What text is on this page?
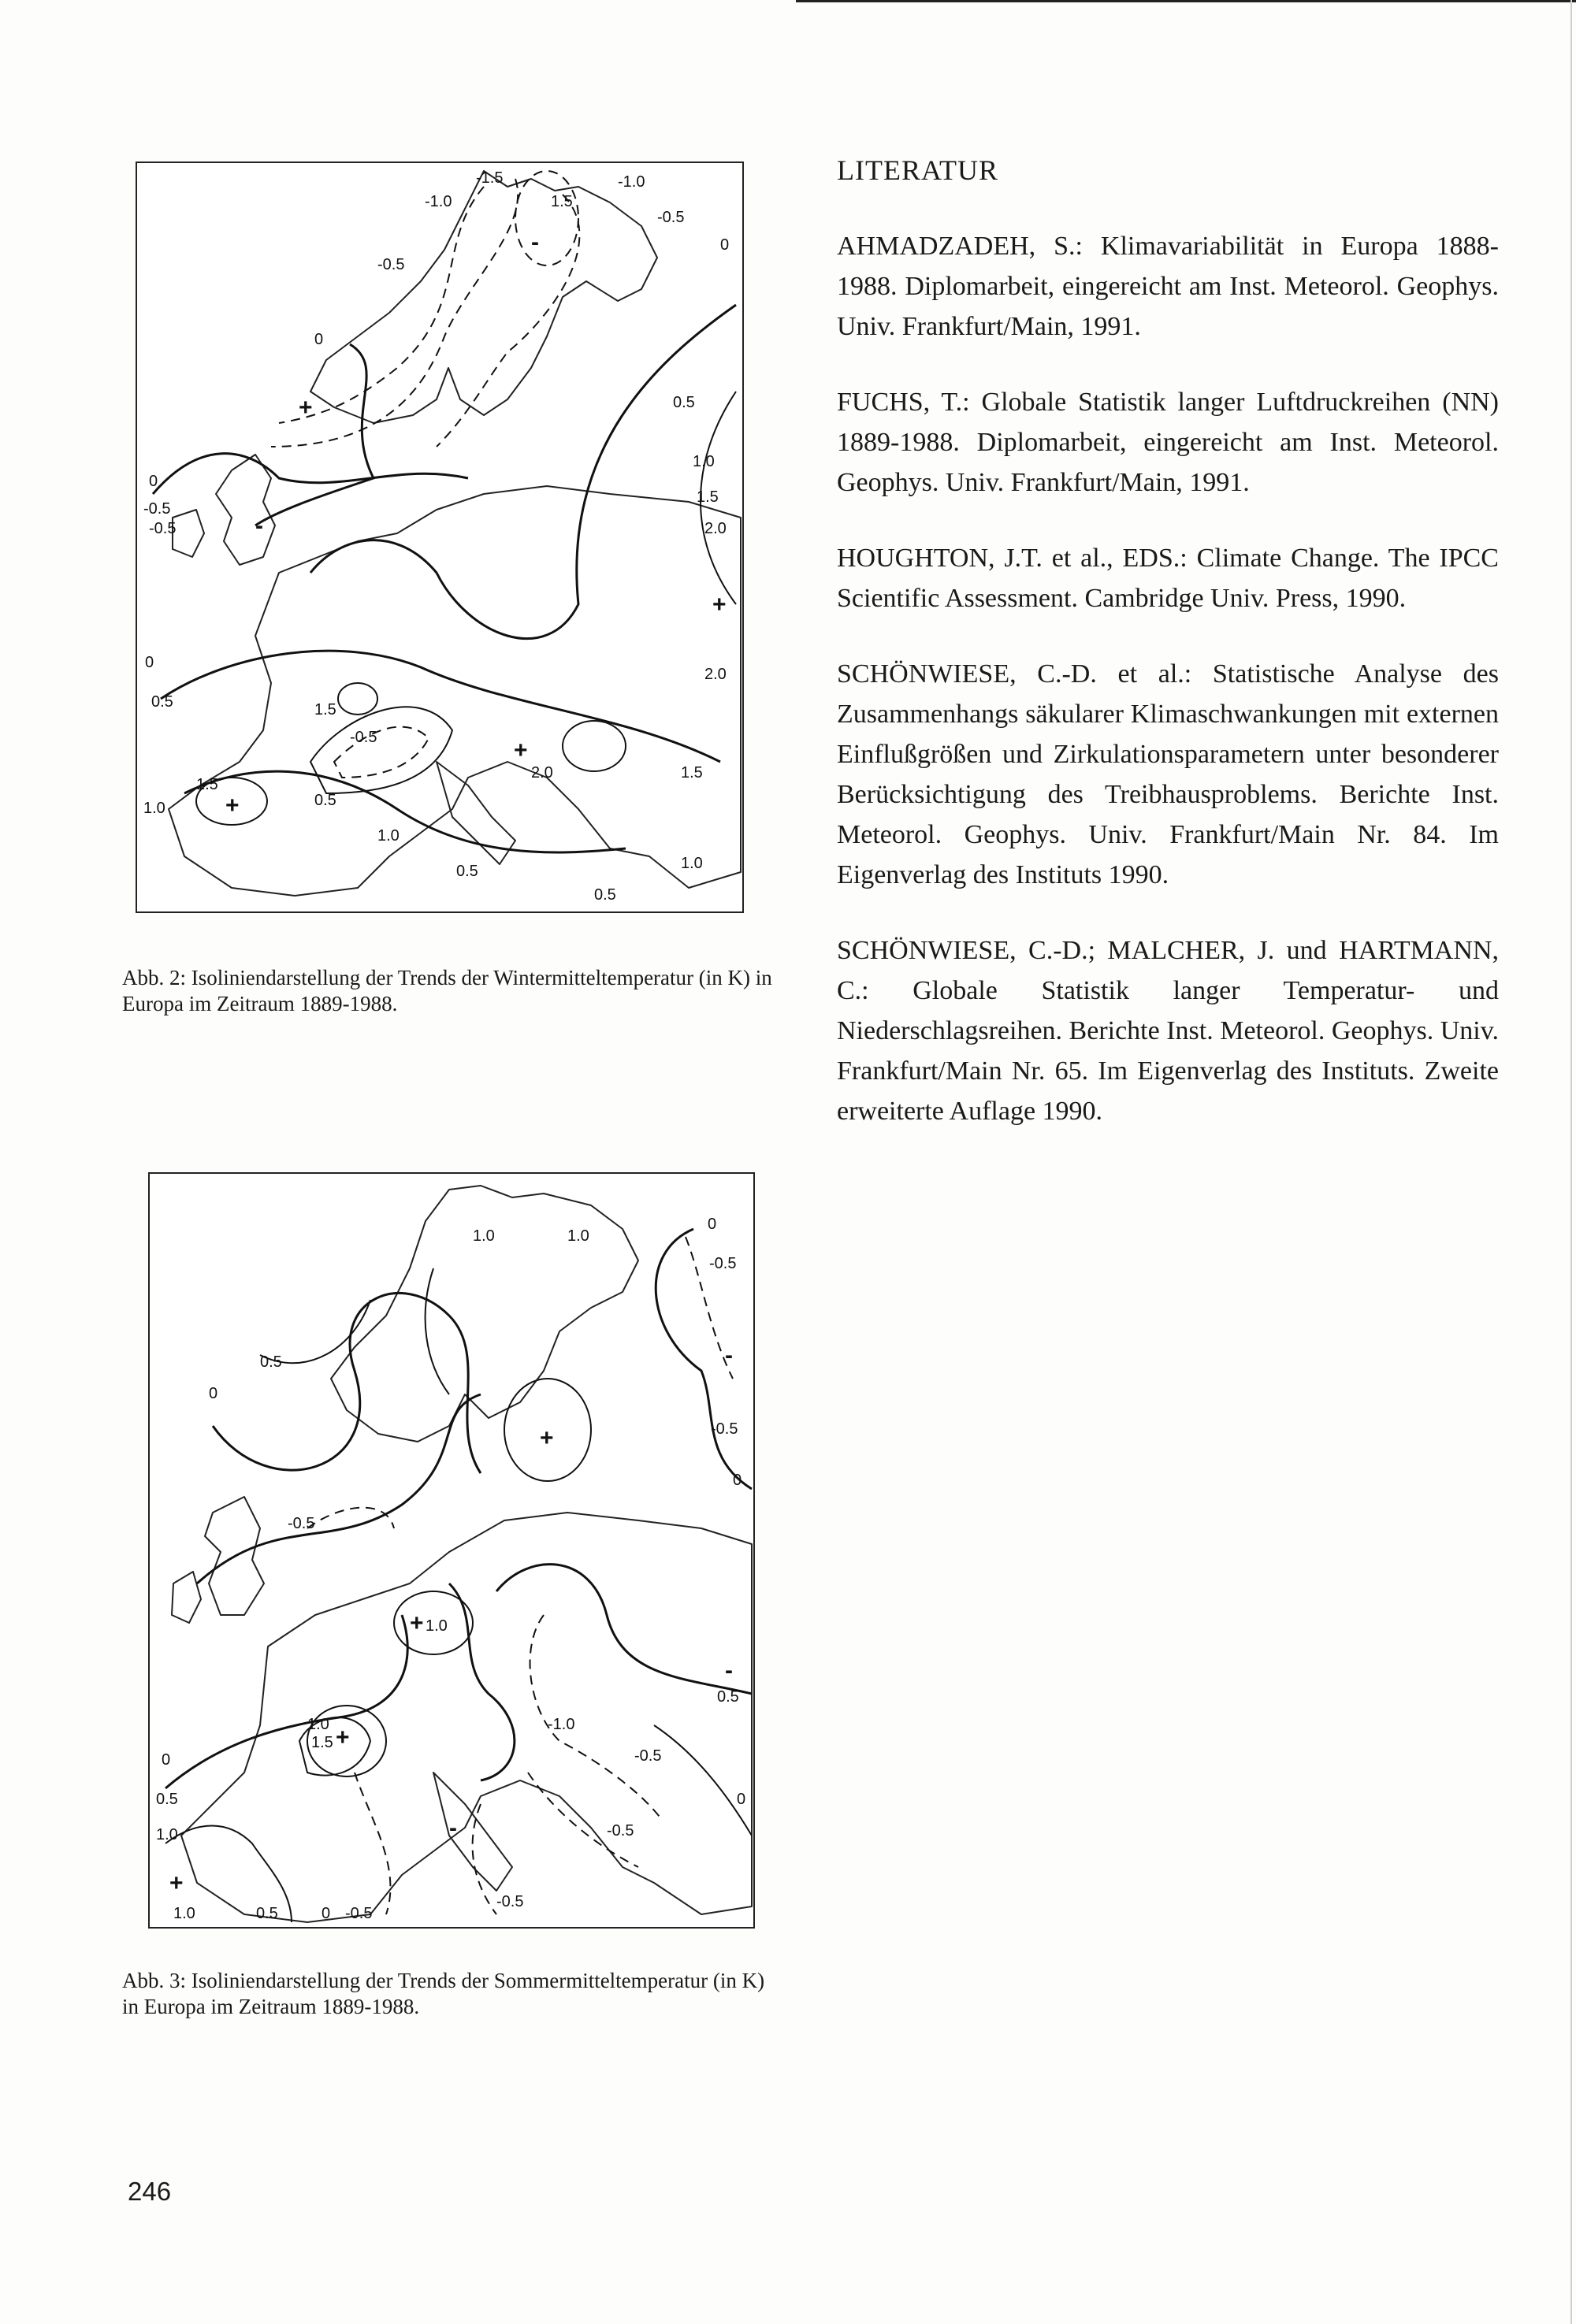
-1.5
-1.0	1.5
-1.0
-0.5
-0.5
0
0
0.5
1.0
1.5
2.0
2.0
0
-0.5
-0.5
0
0.5	1.5
-0.5
1.5
1.0	0.5
1.0
0.5
0.5
2.0	1.5
1.0
-
+
-
+
+
+
Abb. 2: Isoliniendarstellung der Trends der Wintermitteltemperatur (in K) in Europa im Zeitraum 1889-1988.
1.0	1.0
0
-0.5
0.5
0
-0.5
0
-0.5
1.0
0.5
1.0
1.5
0
0.5
1.0
1.0	0.5	0 -0.5
-0.5
-1.0
-0.5
-0.5
0
+
-
+
+
-
-
+
Abb. 3: Isoliniendarstellung der Trends der Sommermitteltemperatur (in K) in Europa im Zeitraum 1889-1988.
LITERATUR
AHMADZADEH, S.: Klimavariabilität in Europa 1888-1988. Diplomarbeit, eingereicht am Inst. Meteorol. Geophys. Univ. Frankfurt/Main, 1991.
FUCHS, T.: Globale Statistik langer Luftdruckreihen (NN) 1889-1988. Diplomarbeit, eingereicht am Inst. Meteorol. Geophys. Univ. Frankfurt/Main, 1991.
HOUGHTON, J.T. et al., EDS.: Climate Change. The IPCC Scientific Assessment. Cambridge Univ. Press, 1990.
SCHÖNWIESE, C.-D. et al.: Statistische Analyse des Zusammenhangs säkularer Klimaschwankungen mit externen Einflußgrößen und Zirkulationsparametern unter besonderer Berücksichtigung des Treibhausproblems. Berichte Inst. Meteorol. Geophys. Univ. Frankfurt/Main Nr. 84. Im Eigenverlag des Instituts 1990.
SCHÖNWIESE, C.-D.; MALCHER, J. und HARTMANN, C.: Globale Statistik langer Temperatur- und Niederschlagsreihen. Berichte Inst. Meteorol. Geophys. Univ. Frankfurt/Main Nr. 65. Im Eigenverlag des Instituts. Zweite erweiterte Auflage 1990.
246
